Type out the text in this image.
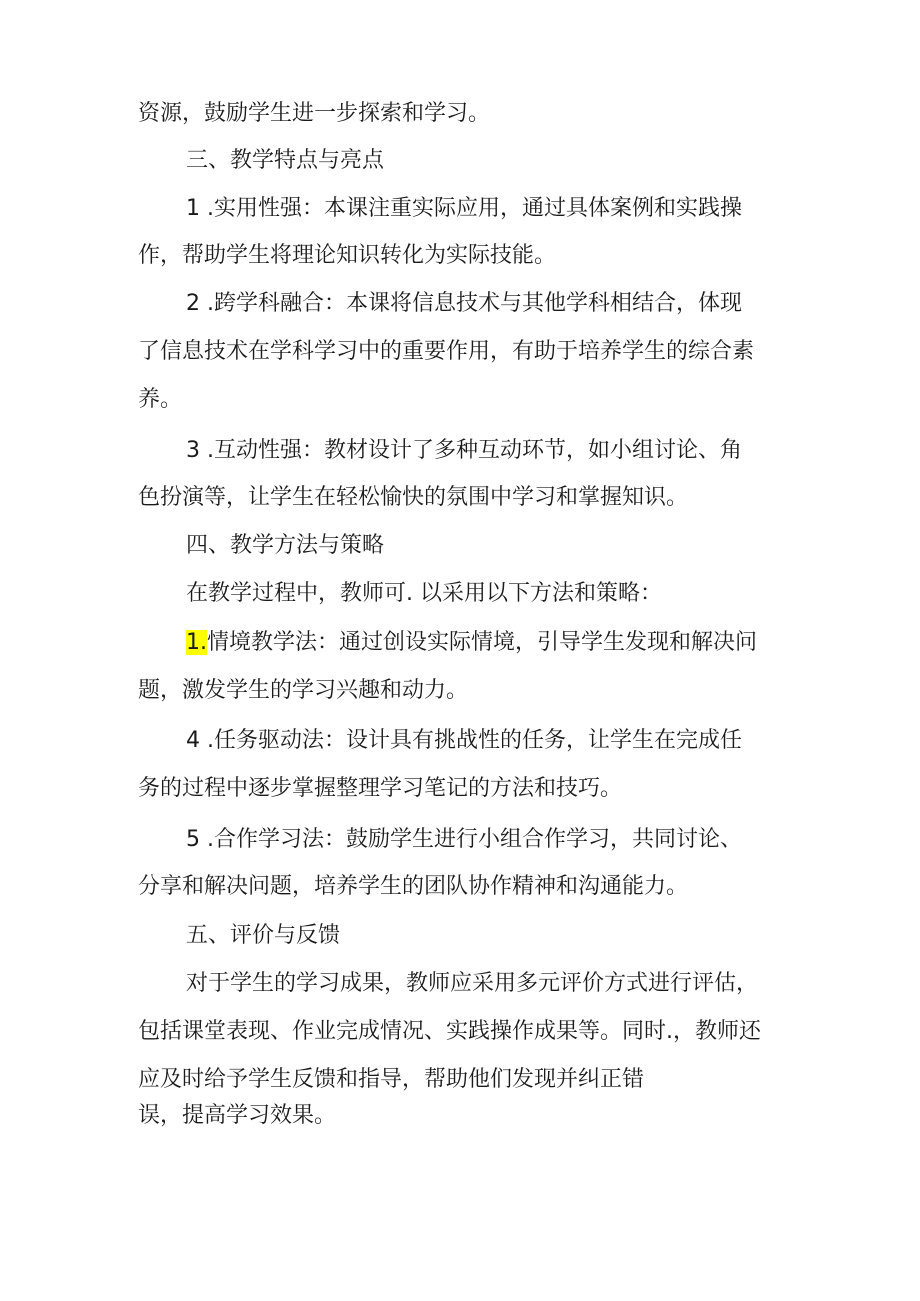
资源，鼓励学生进一步探索和学习。
三、教学特点与亮点
1 .实用性强：本课注重实际应用，通过具体案例和实践操
作，帮助学生将理论知识转化为实际技能。
2 .跨学科融合：本课将信息技术与其他学科相结合，体现
了信息技术在学科学习中的重要作用，有助于培养学生的综合素
养。
3 .互动性强：教材设计了多种互动环节，如小组讨论、角
色扮演等，让学生在轻松愉快的氛围中学习和掌握知识。
四、教学方法与策略
在教学过程中，教师可. 以采用以下方法和策略：
1.情境教学法：通过创设实际情境，引导学生发现和解决问
题，激发学生的学习兴趣和动力。
4 .任务驱动法：设计具有挑战性的任务，让学生在完成任
务的过程中逐步掌握整理学习笔记的方法和技巧。
5 .合作学习法：鼓励学生进行小组合作学习，共同讨论、
分享和解决问题，培养学生的团队协作精神和沟通能力。
五、评价与反馈
对于学生的学习成果，教师应采用多元评价方式进行评估，
包括课堂表现、作业完成情况、实践操作成果等。同时.，教师还
应及时给予学生反馈和指导，帮助他们发现并纠正错
误，提高学习效果。
